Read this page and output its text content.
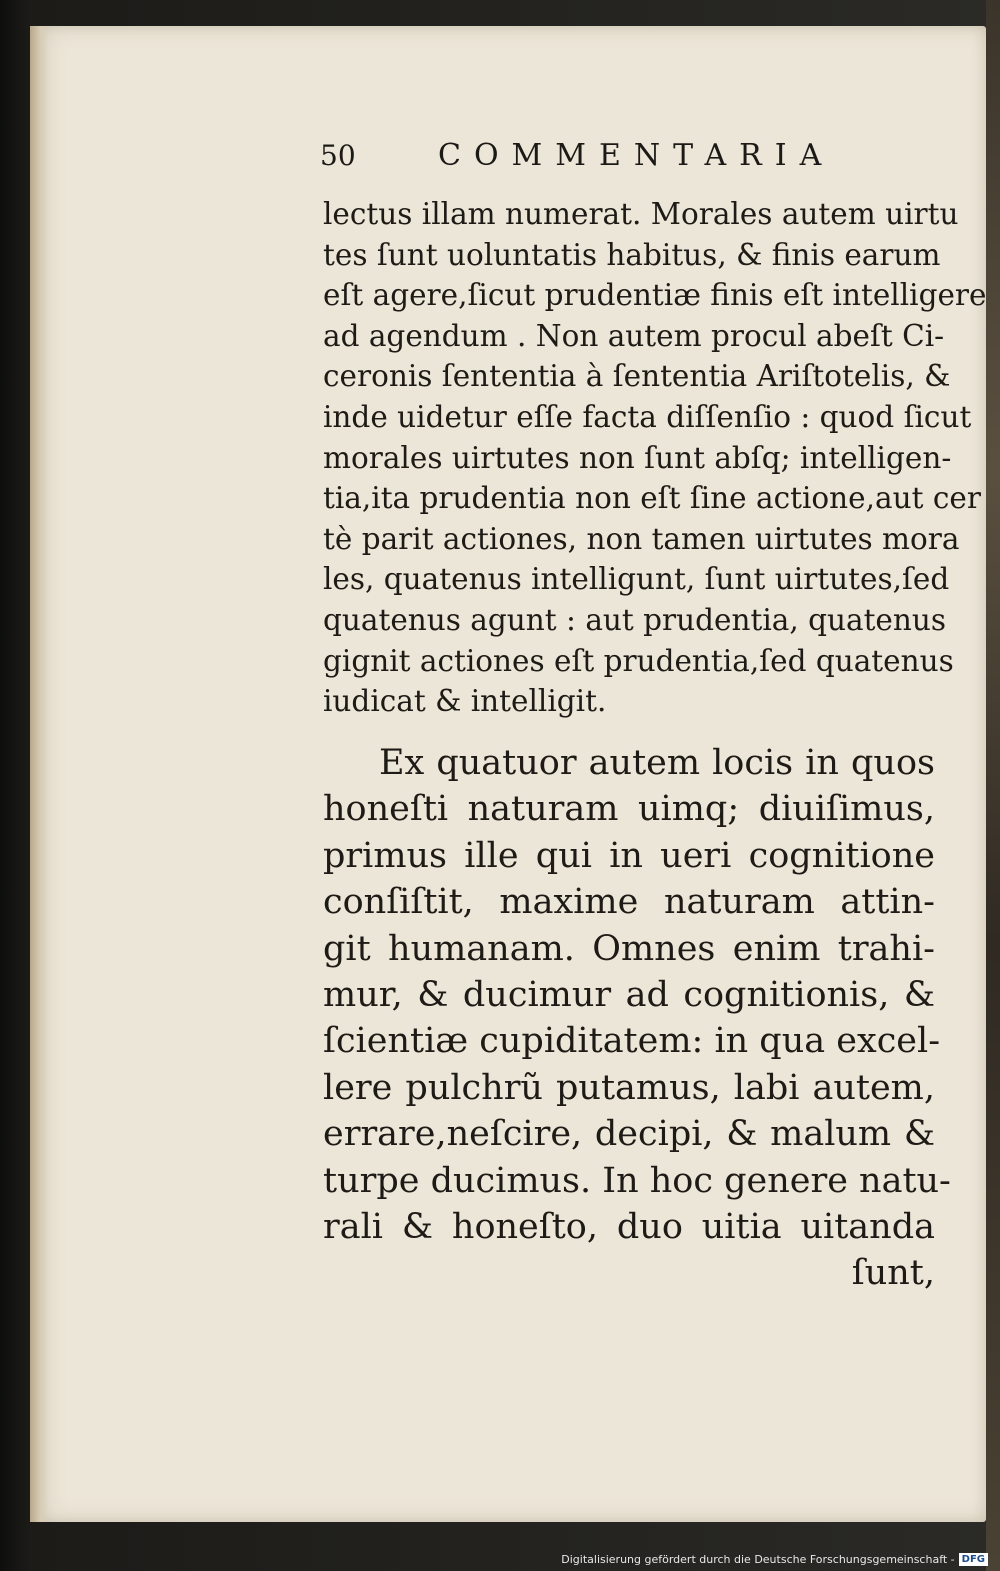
50	COMMENTARIA
lectus illam numerat. Morales autem uirtu
tes ſunt uoluntatis habitus, & finis earum
eſt agere,ſicut prudentiæ finis eſt intelligere
ad agendum . Non autem procul abeſt Ci-
ceronis ſententia à ſententia Ariſtotelis, &
inde uidetur eſſe facta diſſenſio : quod ſicut
morales uirtutes non ſunt abſq; intelligen-
tia,ita prudentia non eſt ſine actione,aut cer
tè parit actiones, non tamen uirtutes mora
les, quatenus intelligunt, ſunt uirtutes,ſed
quatenus agunt : aut prudentia, quatenus
gignit actiones eſt prudentia,ſed quatenus
iudicat & intelligit.
Ex quatuor autem locis in quos
honeſti naturam uimq; diuiſimus,
primus ille qui in ueri cognitione
conſiſtit, maxime naturam attin-
git humanam. Omnes enim trahi-
mur, & ducimur ad cognitionis, &
ſcientiæ cupiditatem: in qua excel-
lere pulchrũ putamus, labi autem,
errare,neſcire, decipi, & malum &
turpe ducimus. In hoc genere natu-
rali & honeſto, duo uitia uitanda
ſunt,
Digitalisierung gefördert durch die Deutsche Forschungsgemeinschaft - DFG
